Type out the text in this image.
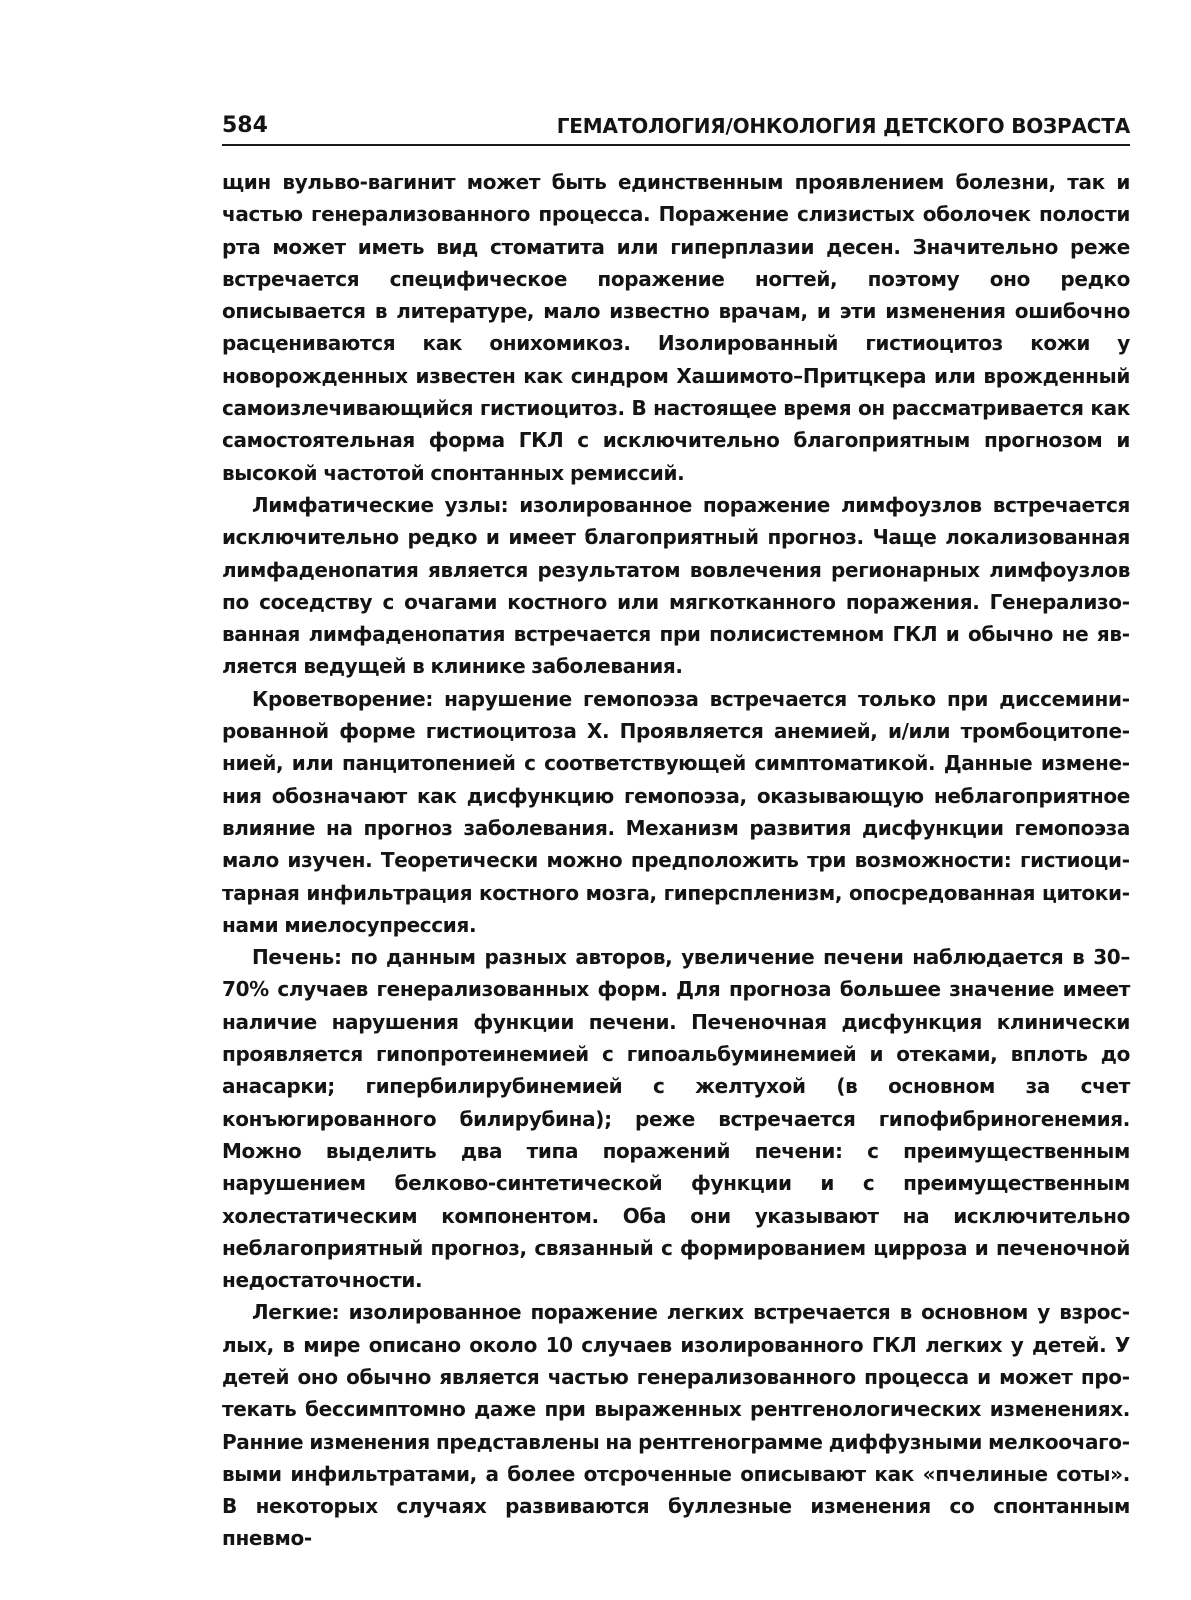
584	ГЕМАТОЛОГИЯ/ОНКОЛОГИЯ ДЕТСКОГО ВОЗРАСТА

щин вульво-вагинит может быть единственным проявлением болезни, так и частью генерализованного процесса. Поражение слизистых оболочек полости рта может иметь вид стоматита или гиперплазии десен. Значительно реже встречается специфическое поражение ногтей, поэтому оно редко описывается в литературе, мало известно врачам, и эти изменения ошибочно расцениваются как онихомикоз. Изолированный гистиоцитоз кожи у новорожденных известен как синдром Хашимото–Притцкера или врожденный самоизлечивающийся гистиоцитоз. В настоящее время он рассматривается как самостоятельная форма ГКЛ с исключительно благоприятным прогнозом и высокой частотой спонтанных ремиссий.

Лимфатические узлы: изолированное поражение лимфоузлов встречается исключительно редко и имеет благоприятный прогноз. Чаще локализованная лимфаденопатия является результатом вовлечения регионарных лимфоузлов по соседству с очагами костного или мягкотканного поражения. Генерализованная лимфаденопатия встречается при полисистемном ГКЛ и обычно не является ведущей в клинике заболевания.

Кроветворение: нарушение гемопоэза встречается только при диссеминированной форме гистиоцитоза X. Проявляется анемией, и/или тромбоцитопенией, или панцитопенией с соответствующей симптоматикой. Данные изменения обозначают как дисфункцию гемопоэза, оказывающую неблагоприятное влияние на прогноз заболевания. Механизм развития дисфункции гемопоэза мало изучен. Теоретически можно предположить три возможности: гистиоцитарная инфильтрация костного мозга, гиперспленизм, опосредованная цитокинами миелосупрессия.

Печень: по данным разных авторов, увеличение печени наблюдается в 30–70% случаев генерализованных форм. Для прогноза большее значение имеет наличие нарушения функции печени. Печеночная дисфункция клинически проявляется гипопротеинемией с гипоальбуминемией и отеками, вплоть до анасарки; гипербилирубинемией с желтухой (в основном за счет конъюгированного билирубина); реже встречается гипофибриногенемия. Можно выделить два типа поражений печени: с преимущественным нарушением белково-синтетической функции и с преимущественным холестатическим компонентом. Оба они указывают на исключительно неблагоприятный прогноз, связанный с формированием цирроза и печеночной недостаточности.

Легкие: изолированное поражение легких встречается в основном у взрослых, в мире описано около 10 случаев изолированного ГКЛ легких у детей. У детей оно обычно является частью генерализованного процесса и может протекать бессимптомно даже при выраженных рентгенологических изменениях. Ранние изменения представлены на рентгенограмме диффузными мелкоочаговыми инфильтратами, а более отсроченные описывают как «пчелиные соты». В некоторых случаях развиваются буллезные изменения со спонтанным пневмо-
